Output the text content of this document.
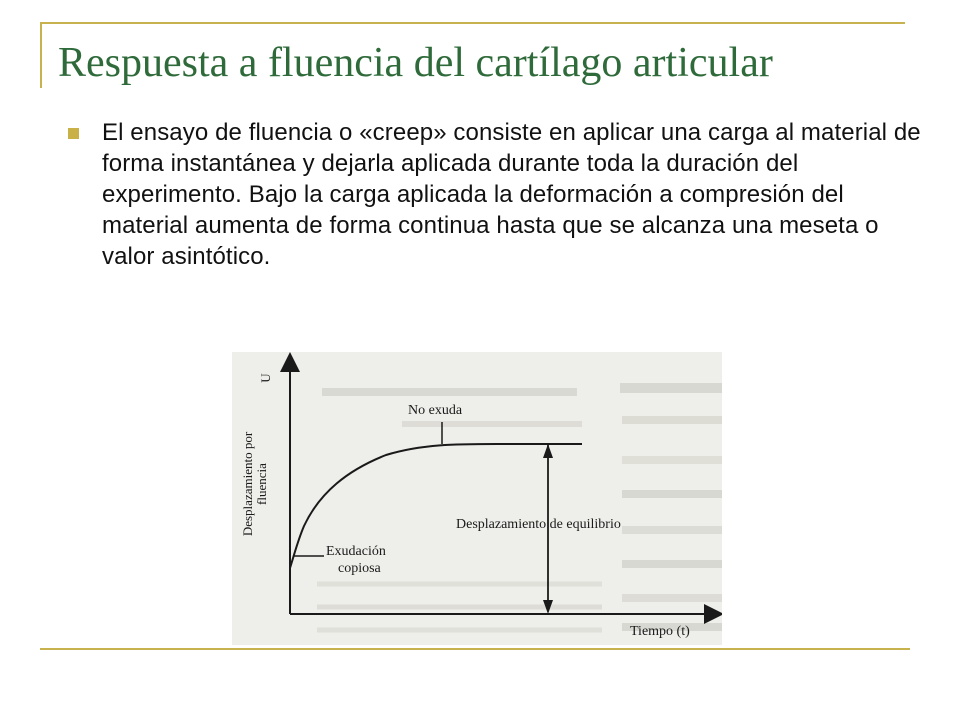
Respuesta a fluencia del cartílago articular

El ensayo de fluencia o «creep» consiste en aplicar una carga al material de forma instantánea y dejarla aplicada durante toda la duración del experimento. Bajo la carga aplicada la deformación a compresión del material aumenta de forma continua hasta que se alcanza una meseta o valor asintótico.

U
Desplazamiento por fluencia
No exuda
Desplazamiento de equilibrio
Exudación
copiosa
Tiempo (t)
